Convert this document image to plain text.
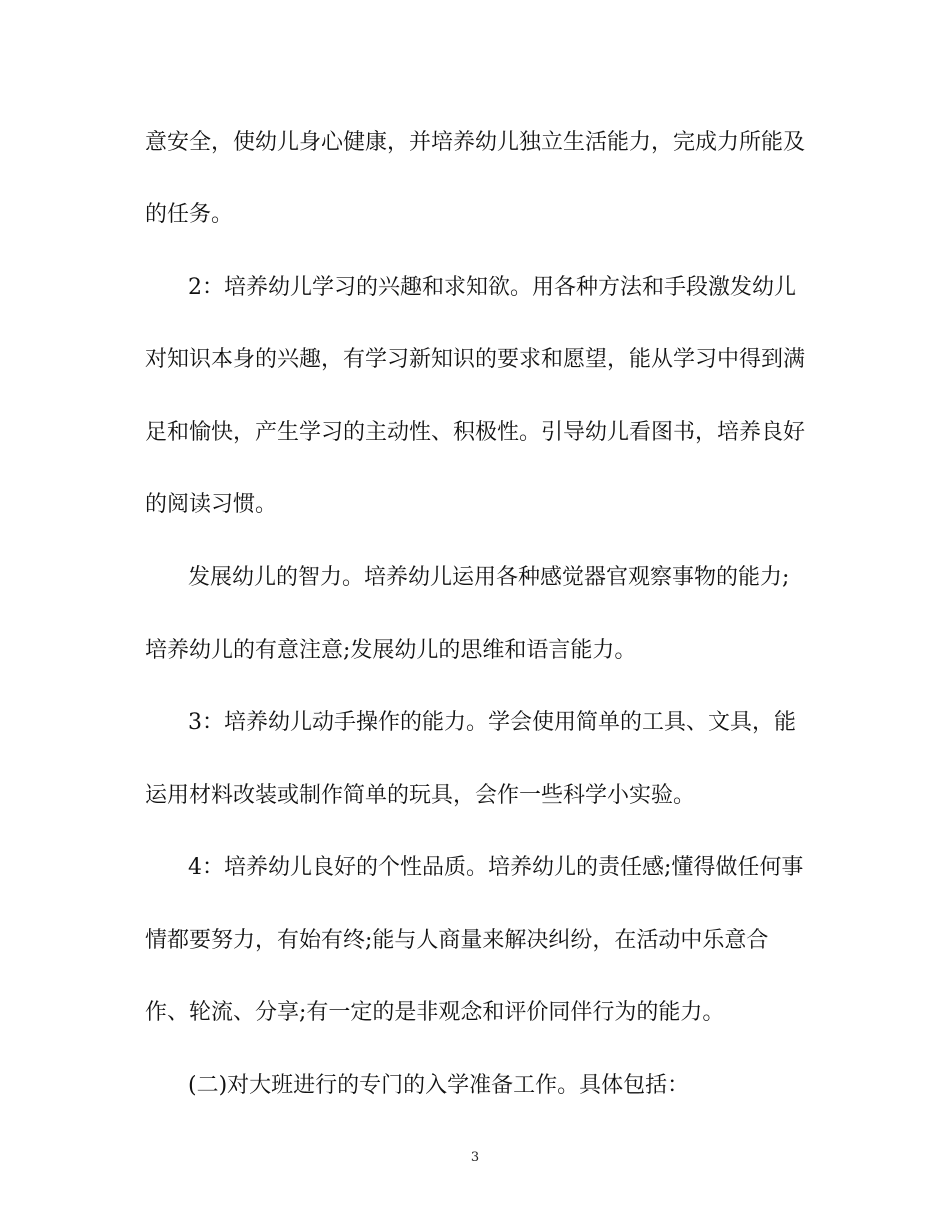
意安全，使幼儿身心健康，并培养幼儿独立生活能力，完成力所能及
的任务。
2：培养幼儿学习的兴趣和求知欲。用各种方法和手段激发幼儿
对知识本身的兴趣，有学习新知识的要求和愿望，能从学习中得到满
足和愉快，产生学习的主动性、积极性。引导幼儿看图书，培养良好
的阅读习惯。
发展幼儿的智力。培养幼儿运用各种感觉器官观察事物的能力;
培养幼儿的有意注意;发展幼儿的思维和语言能力。
3：培养幼儿动手操作的能力。学会使用简单的工具、文具，能
运用材料改装或制作简单的玩具，会作一些科学小实验。
4：培养幼儿良好的个性品质。培养幼儿的责任感;懂得做任何事
情都要努力，有始有终;能与人商量来解决纠纷，在活动中乐意合
作、轮流、分享;有一定的是非观念和评价同伴行为的能力。
(二)对大班进行的专门的入学准备工作。具体包括：
3
